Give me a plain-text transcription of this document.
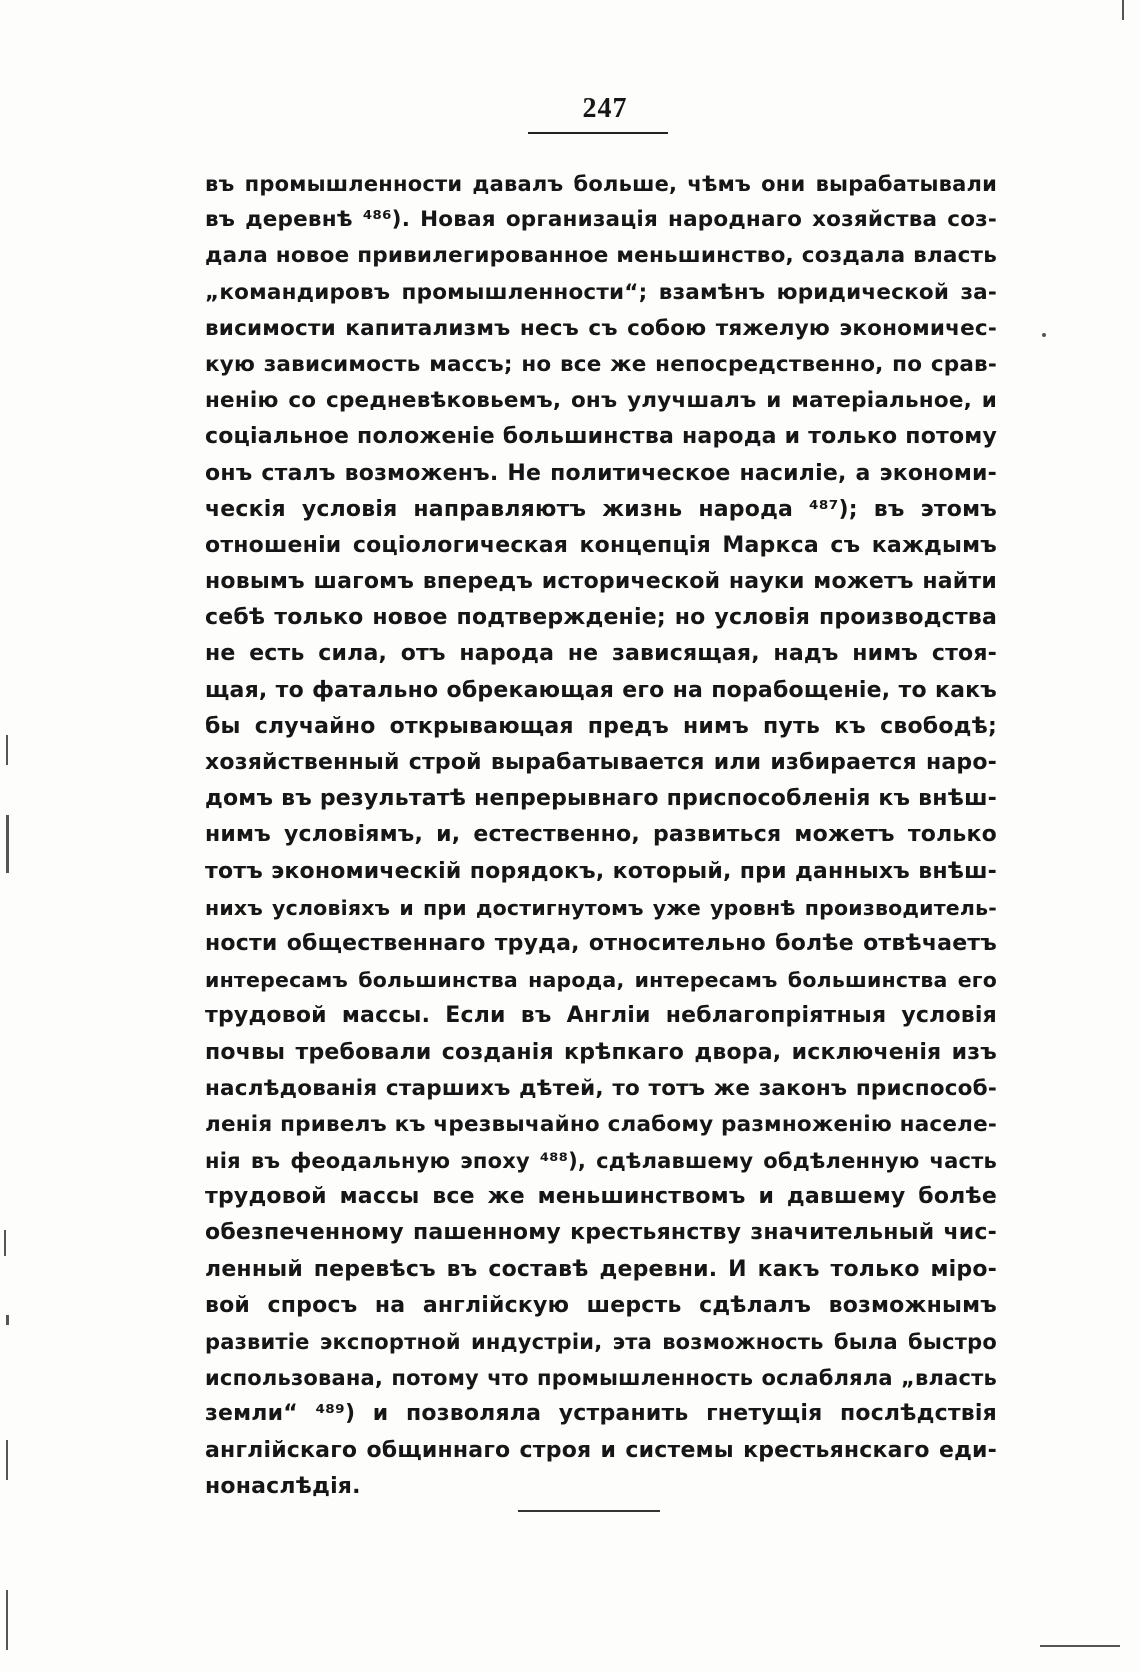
247
въ промышленности давалъ больше, чѣмъ они вырабатывали
въ деревнѣ ⁴⁸⁶). Новая организація народнаго хозяйства соз-
дала новое привилегированное меньшинство, создала власть
„командировъ промышленности“; взамѣнъ юридической за-
висимости капитализмъ несъ съ собою тяжелую экономичес-
кую зависимость массъ; но все же непосредственно, по срав-
ненію со средневѣковьемъ, онъ улучшалъ и матеріальное, и
соціальное положеніе большинства народа и только потому
онъ сталъ возможенъ. Не политическое насиліе, а экономи-
ческія условія направляютъ жизнь народа ⁴⁸⁷); въ этомъ
отношеніи соціологическая концепція Маркса съ каждымъ
новымъ шагомъ впередъ исторической науки можетъ найти
себѣ только новое подтвержденіе; но условія производства
не есть сила, отъ народа не зависящая, надъ нимъ стоя-
щая, то фатально обрекающая его на порабощеніе, то какъ
бы случайно открывающая предъ нимъ путь къ свободѣ;
хозяйственный строй вырабатывается или избирается наро-
домъ въ результатѣ непрерывнаго приспособленія къ внѣш-
нимъ условіямъ, и, естественно, развиться можетъ только
тотъ экономическій порядокъ, который, при данныхъ внѣш-
нихъ условіяхъ и при достигнутомъ уже уровнѣ производитель-
ности общественнаго труда, относительно болѣе отвѣчаетъ
интересамъ большинства народа, интересамъ большинства его
трудовой массы. Если въ Англіи неблагопріятныя условія
почвы требовали созданія крѣпкаго двора, исключенія изъ
наслѣдованія старшихъ дѣтей, то тотъ же законъ приспособ-
ленія привелъ къ чрезвычайно слабому размноженію населе-
нія въ феодальную эпоху ⁴⁸⁸), сдѣлавшему обдѣленную часть
трудовой массы все же меньшинствомъ и давшему болѣе
обезпеченному пашенному крестьянству значительный чис-
ленный перевѣсъ въ составѣ деревни. И какъ только міро-
вой спросъ на англійскую шерсть сдѣлалъ возможнымъ
развитіе экспортной индустріи, эта возможность была быстро
использована, потому что промышленность ослабляла „власть
земли“ ⁴⁸⁹) и позволяла устранить гнетущія послѣдствія
англійскаго общиннаго строя и системы крестьянскаго еди-
нонаслѣдія.
